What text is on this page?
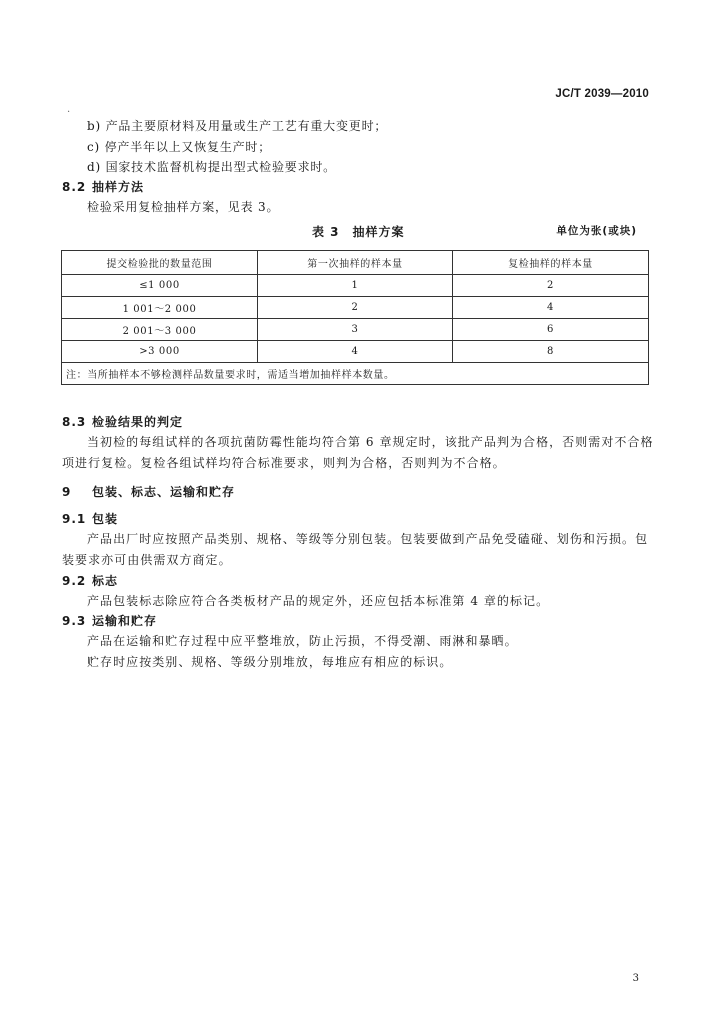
JC/T 2039—2010
.
b) 产品主要原材料及用量或生产工艺有重大变更时；
c) 停产半年以上又恢复生产时；
d) 国家技术监督机构提出型式检验要求时。
8.2 抽样方法
检验采用复检抽样方案，见表 3。
表 3　抽样方案	单位为张(或块)
提交检验批的数量范围	第一次抽样的样本量	复检抽样的样本量
≤1 000	1	2
1 001～2 000	2	4
2 001～3 000	3	6
>3 000	4	8
注：当所抽样本不够检测样品数量要求时，需适当增加抽样样本数量。		
8.3 检验结果的判定
当初检的每组试样的各项抗菌防霉性能均符合第 6 章规定时，该批产品判为合格，否则需对不合格
项进行复检。复检各组试样均符合标准要求，则判为合格，否则判为不合格。
9 包装、标志、运输和贮存
9.1 包装
产品出厂时应按照产品类别、规格、等级等分别包装。包装要做到产品免受磕碰、划伤和污损。包
装要求亦可由供需双方商定。
9.2 标志
产品包装标志除应符合各类板材产品的规定外，还应包括本标准第 4 章的标记。
9.3 运输和贮存
产品在运输和贮存过程中应平整堆放，防止污损，不得受潮、雨淋和暴晒。
贮存时应按类别、规格、等级分别堆放，每堆应有相应的标识。
3
